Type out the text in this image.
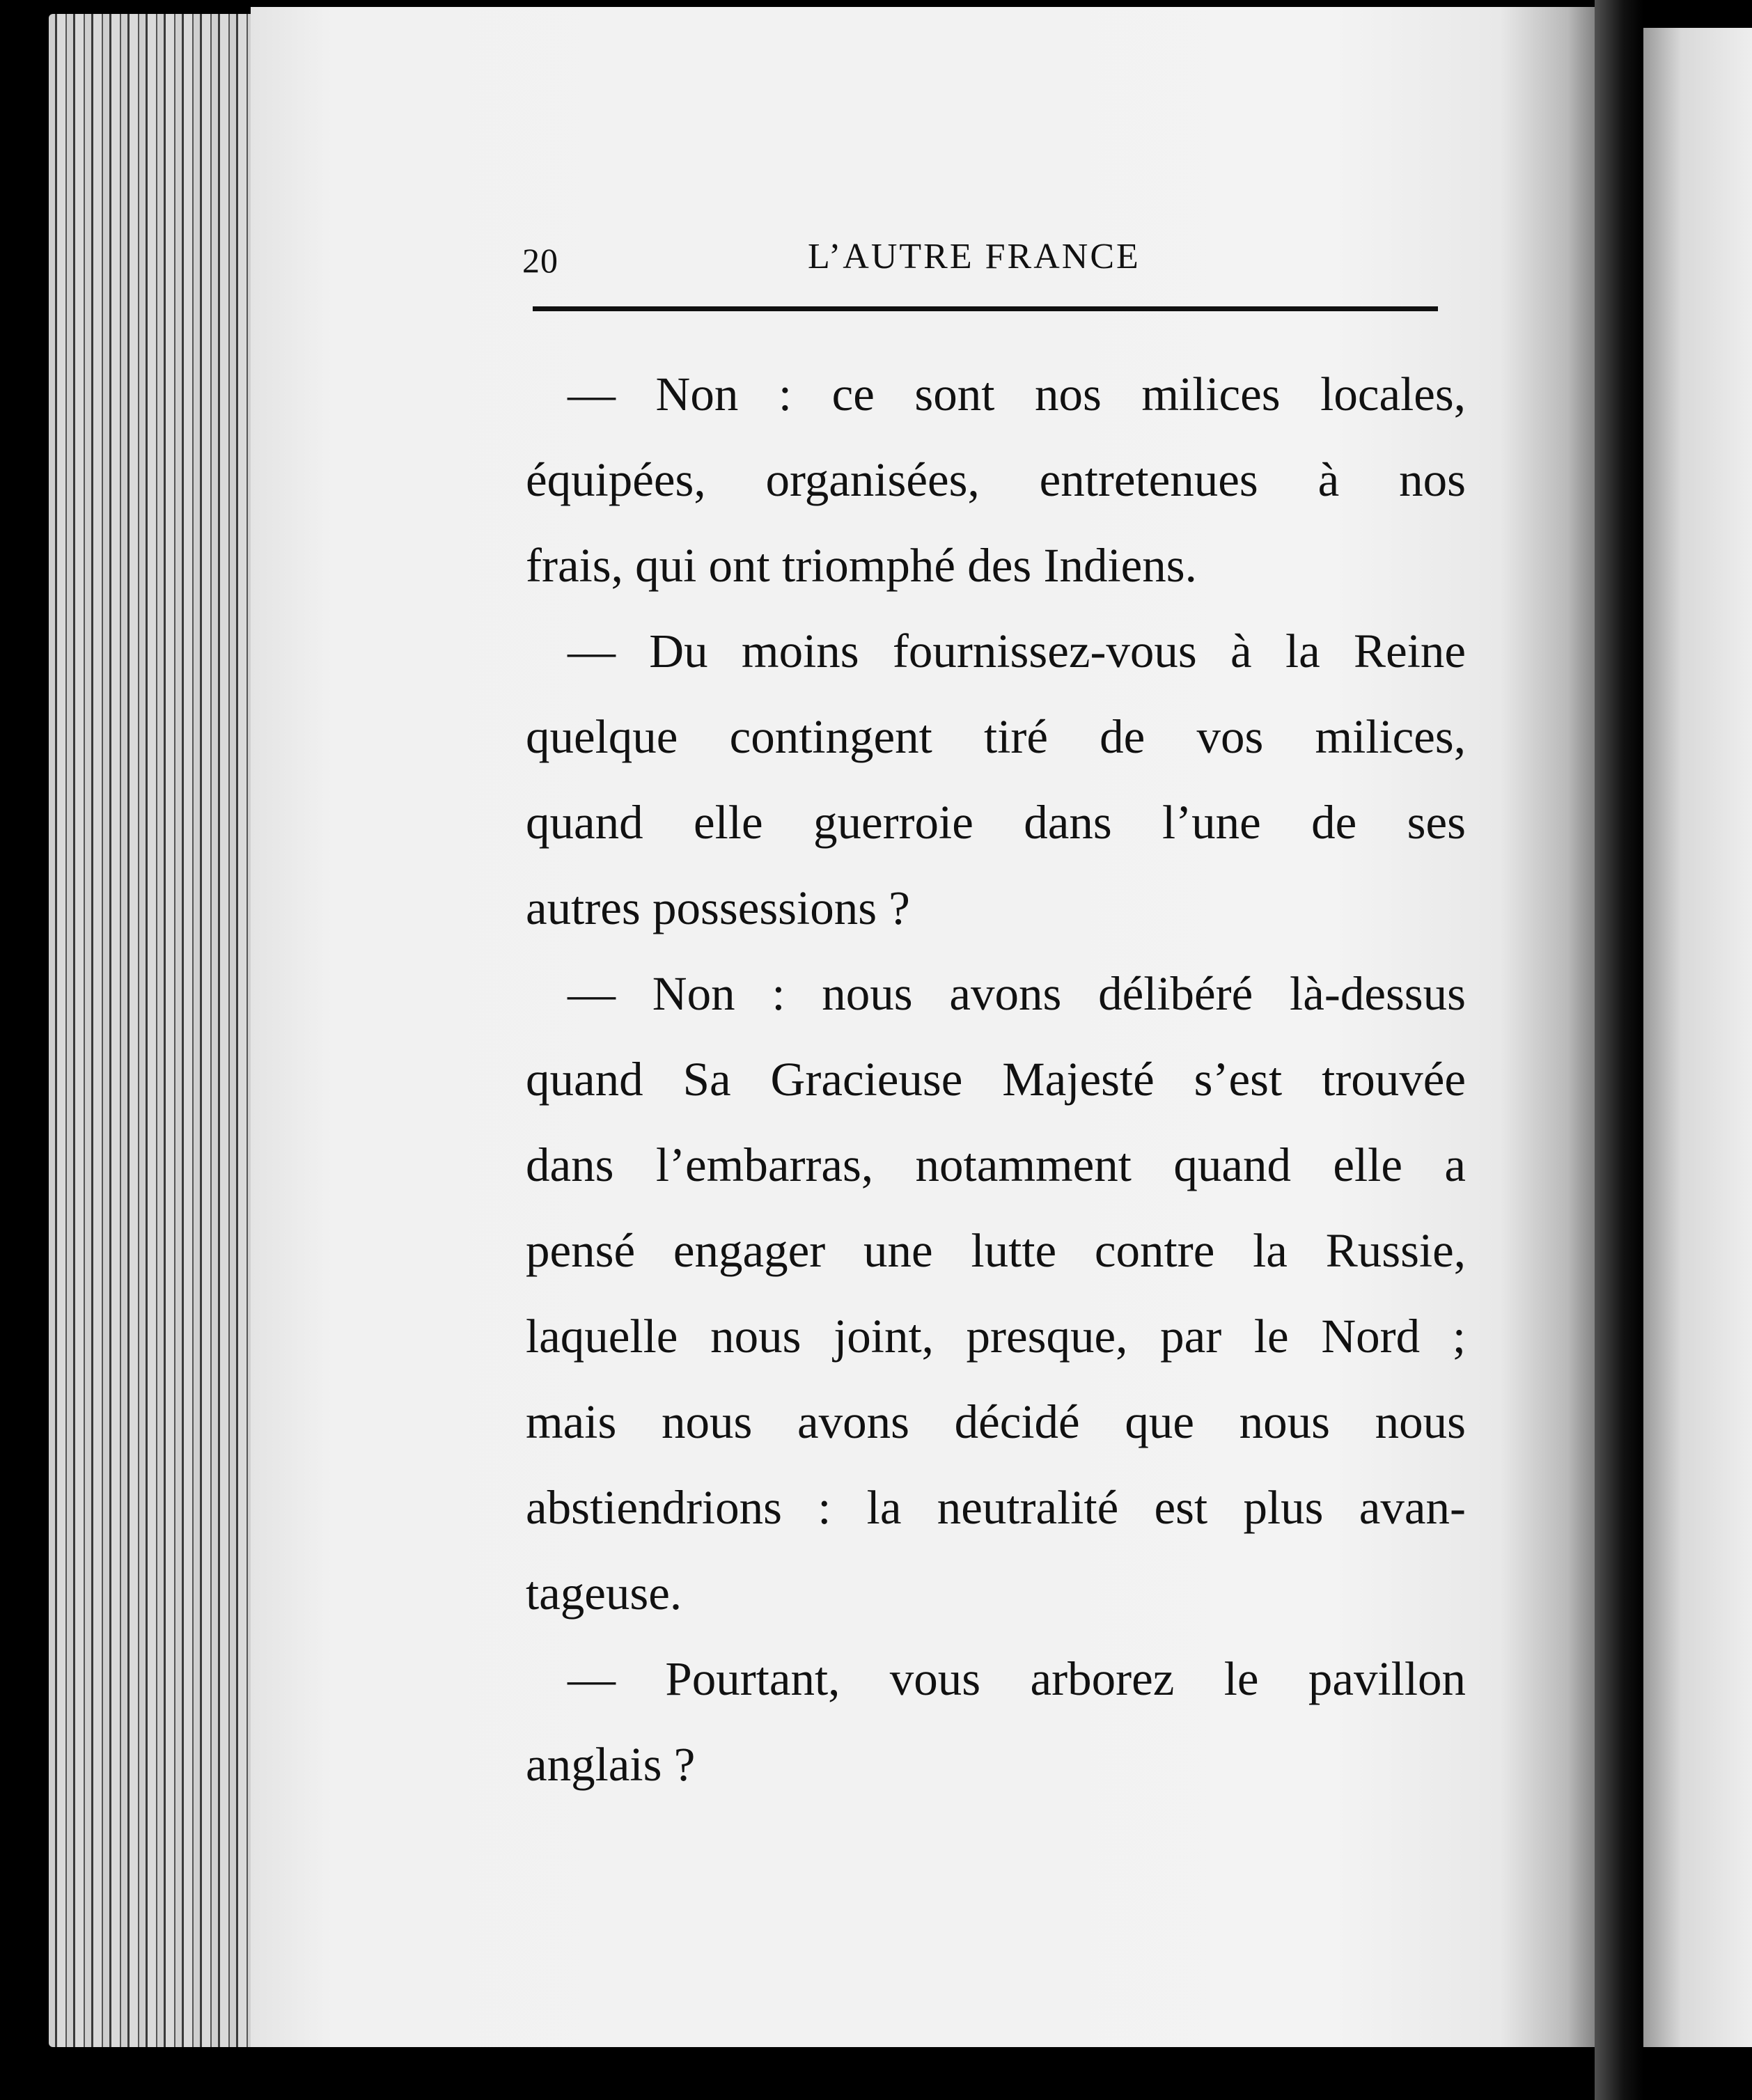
20	L’AUTRE FRANCE
— Non : ce sont nos milices locales,
équipées, organisées, entretenues à nos
frais, qui ont triomphé des Indiens.
— Du moins fournissez-vous à la Reine
quelque contingent tiré de vos milices,
quand elle guerroie dans l’une de ses
autres possessions ?
— Non : nous avons délibéré là-dessus
quand Sa Gracieuse Majesté s’est trouvée
dans l’embarras, notamment quand elle a
pensé engager une lutte contre la Russie,
laquelle nous joint, presque, par le Nord ;
mais nous avons décidé que nous nous
abstiendrions : la neutralité est plus avan-
tageuse.
— Pourtant, vous arborez le pavillon
anglais ?
